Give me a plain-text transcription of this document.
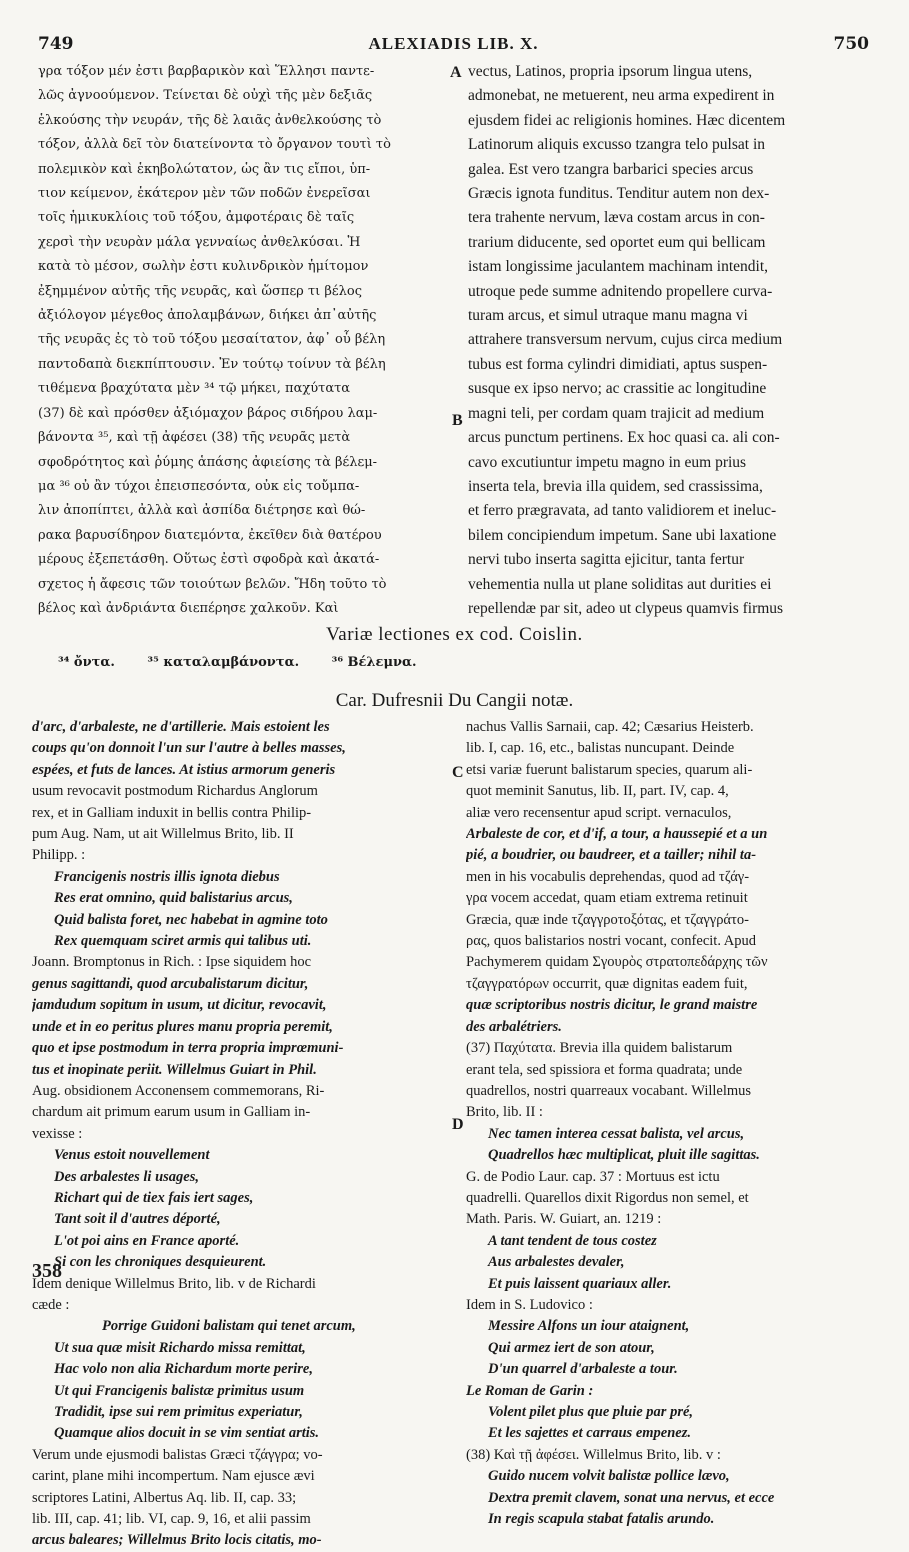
749	ALEXIADIS LIB. X.	750
γρα τόξον μέν ἐστι βαρβαρικὸν καὶ Ἕλλησι παντε-
λῶς ἀγνοούμενον. Τείνεται δὲ οὐχὶ τῆς μὲν δεξιᾶς
ἑλκούσης τὴν νευράν, τῆς δὲ λαιᾶς ἀνθελκούσης τὸ
τόξον, ἀλλὰ δεῖ τὸν διατείνοντα τὸ ὄργανον τουτὶ τὸ
πολεμικὸν καὶ ἑκηβολώτατον, ὡς ἂν τις εἴποι, ὑπ-
τιον κείμενον, ἑκάτερον μὲν τῶν ποδῶν ἐνερεῖσαι
τοῖς ἡμικυκλίοις τοῦ τόξου, ἀμφοτέραις δὲ ταῖς
χερσὶ τὴν νευρὰν μάλα γενναίως ἀνθελκύσαι. Ἡ
κατὰ τὸ μέσον, σωλὴν ἐστι κυλινδρικὸν ἡμίτομον
ἐξημμένον αὐτῆς τῆς νευρᾶς, καὶ ὥσπερ τι βέλος
ἀξιόλογον μέγεθος ἀπολαμβάνων, διήκει ἀπ᾽αὐτῆς
τῆς νευρᾶς ἐς τὸ τοῦ τόξου μεσαίτατον, ἀφ᾽ οὗ βέλη
παντοδαπὰ διεκπίπτουσιν. Ἐν τούτῳ τοίνυν τὰ βέλη
τιθέμενα βραχύτατα μὲν ³⁴ τῷ μήκει, παχύτατα
(37) δὲ καὶ πρόσθεν ἀξιόμαχον βάρος σιδήρου λαμ-
βάνοντα ³⁵, καὶ τῇ ἀφέσει (38) τῆς νευρᾶς μετὰ
σφοδρότητος καὶ ῥύμης ἁπάσης ἀφιείσης τὰ βέλεμ-
μα ³⁶ οὐ ἂν τύχοι ἐπεισπεσόντα, οὐκ εἰς τοὔμπα-
λιν ἀποπίπτει, ἀλλὰ καὶ ἀσπίδα διέτρησε καὶ θώ-
ρακα βαρυσίδηρον διατεμόντα, ἐκεῖθεν διὰ θατέρου
μέρους ἐξεπετάσθη. Οὕτως ἐστὶ σφοδρὰ καὶ ἀκατά-
σχετος ἡ ἄφεσις τῶν τοιούτων βελῶν. Ἤδη τοῦτο τὸ
βέλος καὶ ἀνδριάντα διεπέρησε χαλκοῦν. Καὶ
vectus, Latinos, propria ipsorum lingua utens,
admonebat, ne metuerent, neu arma expedirent in
ejusdem fidei ac religionis homines. Hæc dicentem
Latinorum aliquis excusso tzangra telo pulsat in
galea. Est vero tzangra barbarici species arcus
Græcis ignota funditus. Tenditur autem non dex-
tera trahente nervum, læva costam arcus in con-
trarium diducente, sed oportet eum qui bellicam
istam longissime jaculantem machinam intendit,
utroque pede summe adnitendo propellere curva-
turam arcus, et simul utraque manu magna vi
attrahere transversum nervum, cujus circa medium
tubus est forma cylindri dimidiati, aptus suspen-
susque ex ipso nervo; ac crassitie ac longitudine
magni teli, per cordam quam trajicit ad medium
arcus punctum pertinens. Ex hoc quasi ca. ali con-
cavo excutiuntur impetu magno in eum prius
inserta tela, brevia illa quidem, sed crassissima,
et ferro prægravata, ad tanto validiorem et ineluc-
bilem concipiendum impetum. Sane ubi laxatione
nervi tubo inserta sagitta ejicitur, tanta fertur
vehementia nulla ut plane soliditas aut durities ei
repellendæ par sit, adeo ut clypeus quamvis firmus
A
B
C
D
Variæ lectiones ex cod. Coislin.
³⁴ ὄντα.	³⁵ καταλαμβάνοντα.	³⁶ Βέλεμνα.
Car. Dufresnii Du Cangii notæ.
d'arc, d'arbaleste, ne d'artillerie. Mais estoient les
coups qu'on donnoit l'un sur l'autre à belles masses,
espées, et futs de lances. At istius armorum generis
usum revocavit postmodum Richardus Anglorum
rex, et in Galliam induxit in bellis contra Philip-
pum Aug. Nam, ut ait Willelmus Brito, lib. II
Philipp. :
Francigenis nostris illis ignota diebus
Res erat omnino, quid balistarius arcus,
Quid balista foret, nec habebat in agmine toto
Rex quemquam sciret armis qui talibus uti.
Joann. Bromptonus in Rich. : Ipse siquidem hoc
genus sagittandi, quod arcubalistarum dicitur,
jamdudum sopitum in usum, ut dicitur, revocavit,
unde et in eo peritus plures manu propria peremit,
quo et ipse postmodum in terra propria imprœmuni-
tus et inopinate periit. Willelmus Guiart in Phil.
Aug. obsidionem Acconensem commemorans, Ri-
chardum ait primum earum usum in Galliam in-
vexisse :
Venus estoit nouvellement
Des arbalestes li usages,
Richart qui de tiex fais iert sages,
Tant soit il d'autres déporté,
L'ot poi ains en France aporté.
Si con les chroniques desquieurent.
Idem denique Willelmus Brito, lib. v de Richardi
cæde :
Porrige Guidoni balistam qui tenet arcum,
Ut sua quæ misit Richardo missa remittat,
Hac volo non alia Richardum morte perire,
Ut qui Francigenis balistæ primitus usum
Tradidit, ipse sui rem primitus experiatur,
Quamque alios docuit in se vim sentiat artis.
Verum unde ejusmodi balistas Græci τζάγγρα; vo-
carint, plane mihi incompertum. Nam ejusce ævi
scriptores Latini, Albertus Aq. lib. II, cap. 33;
lib. III, cap. 41; lib. VI, cap. 9, 16, et alii passim
arcus baleares; Willelmus Brito locis citatis, mo-
nachus Vallis Sarnaii, cap. 42; Cæsarius Heisterb.
lib. I, cap. 16, etc., balistas nuncupant. Deinde
etsi variæ fuerunt balistarum species, quarum ali-
quot meminit Sanutus, lib. II, part. IV, cap. 4,
aliæ vero recensentur apud script. vernaculos,
Arbaleste de cor, et d'if, a tour, a haussepié et a un
pié, a boudrier, ou baudreer, et a tailler; nihil ta-
men in his vocabulis deprehendas, quod ad τζάγ-
γρα vocem accedat, quam etiam extrema retinuit
Græcia, quæ inde τζαγγροτοξότας, et τζαγγράτο-
ρας, quos balistarios nostri vocant, confecit. Apud
Pachymerem quidam Σγουρὸς στρατοπεδάρχης τῶν
τζαγγρατόρων occurrit, quæ dignitas eadem fuit,
quæ scriptoribus nostris dicitur, le grand maistre
des arbalétriers.
(37) Παχύτατα. Brevia illa quidem balistarum
erant tela, sed spissiora et forma quadrata; unde
quadrellos, nostri quarreaux vocabant. Willelmus
Brito, lib. II :
Nec tamen interea cessat balista, vel arcus,
Quadrellos hæc multiplicat, pluit ille sagittas.
G. de Podio Laur. cap. 37 : Mortuus est ictu
quadrelli. Quarellos dixit Rigordus non semel, et
Math. Paris. W. Guiart, an. 1219 :
A tant tendent de tous costez
Aus arbalestes devaler,
Et puis laissent quariaux aller.
Idem in S. Ludovico :
Messire Alfons un iour ataignent,
Qui armez iert de son atour,
D'un quarrel d'arbaleste a tour.
Le Roman de Garin :
Volent pilet plus que pluie par pré,
Et les sajettes et carraus empenez.
(38) Καὶ τῇ ἀφέσει. Willelmus Brito, lib. v :
Guido nucem volvit balistæ pollice lævo,
Dextra premit clavem, sonat una nervus, et ecce
In regis scapula stabat fatalis arundo.
358
